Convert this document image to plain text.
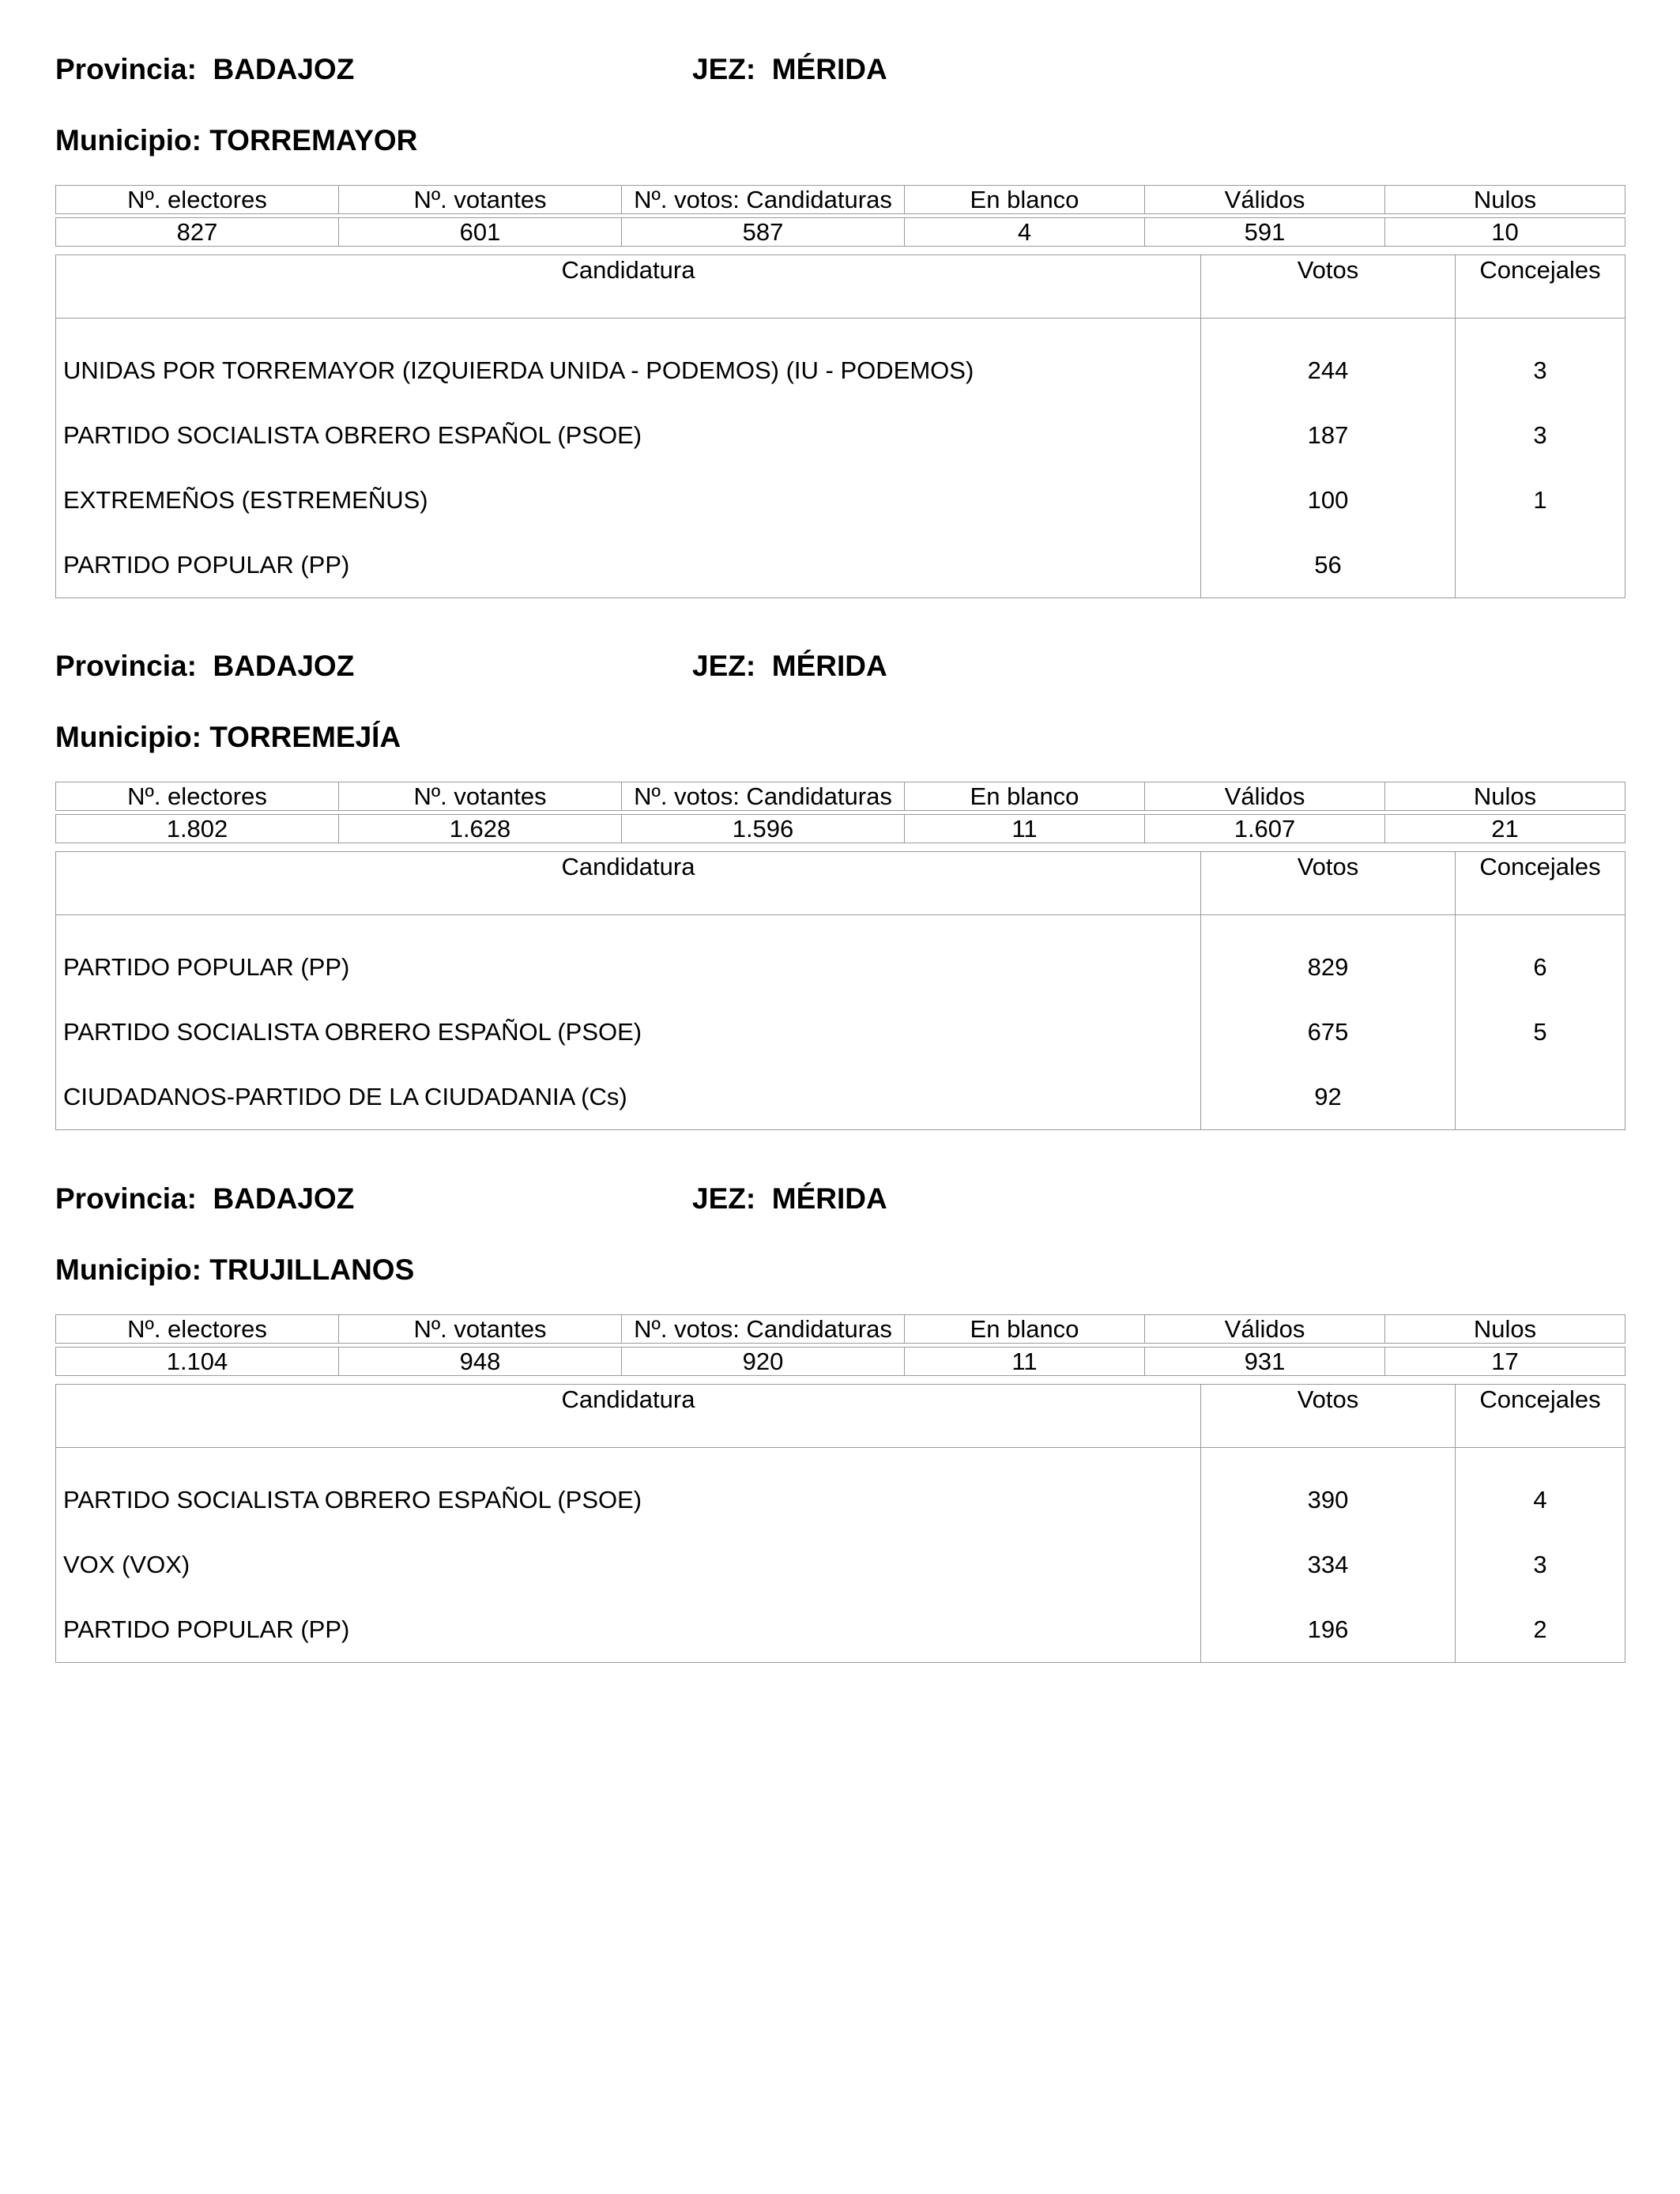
Provincia: BADAJOZ	JEZ: MÉRIDA
Municipio: TORREMAYOR
Nº. electores	Nº. votantes	Nº. votos: Candidaturas	En blanco	Válidos	Nulos

827	601	587	4	591	10
Candidatura	Votos	Concejales
UNIDAS POR TORREMAYOR (IZQUIERDA UNIDA - PODEMOS) (IU - PODEMOS)	244	3
PARTIDO SOCIALISTA OBRERO ESPAÑOL (PSOE)	187	3
EXTREMEÑOS (ESTREMEÑUS)	100	1
PARTIDO POPULAR (PP)	56	
Provincia: BADAJOZ	JEZ: MÉRIDA
Municipio: TORREMEJÍA
Nº. electores	Nº. votantes	Nº. votos: Candidaturas	En blanco	Válidos	Nulos

1.802	1.628	1.596	11	1.607	21
Candidatura	Votos	Concejales
PARTIDO POPULAR (PP)	829	6
PARTIDO SOCIALISTA OBRERO ESPAÑOL (PSOE)	675	5
CIUDADANOS-PARTIDO DE LA CIUDADANIA (Cs)	92	
Provincia: BADAJOZ	JEZ: MÉRIDA
Municipio: TRUJILLANOS
Nº. electores	Nº. votantes	Nº. votos: Candidaturas	En blanco	Válidos	Nulos

1.104	948	920	11	931	17
Candidatura	Votos	Concejales
PARTIDO SOCIALISTA OBRERO ESPAÑOL (PSOE)	390	4
VOX (VOX)	334	3
PARTIDO POPULAR (PP)	196	2
